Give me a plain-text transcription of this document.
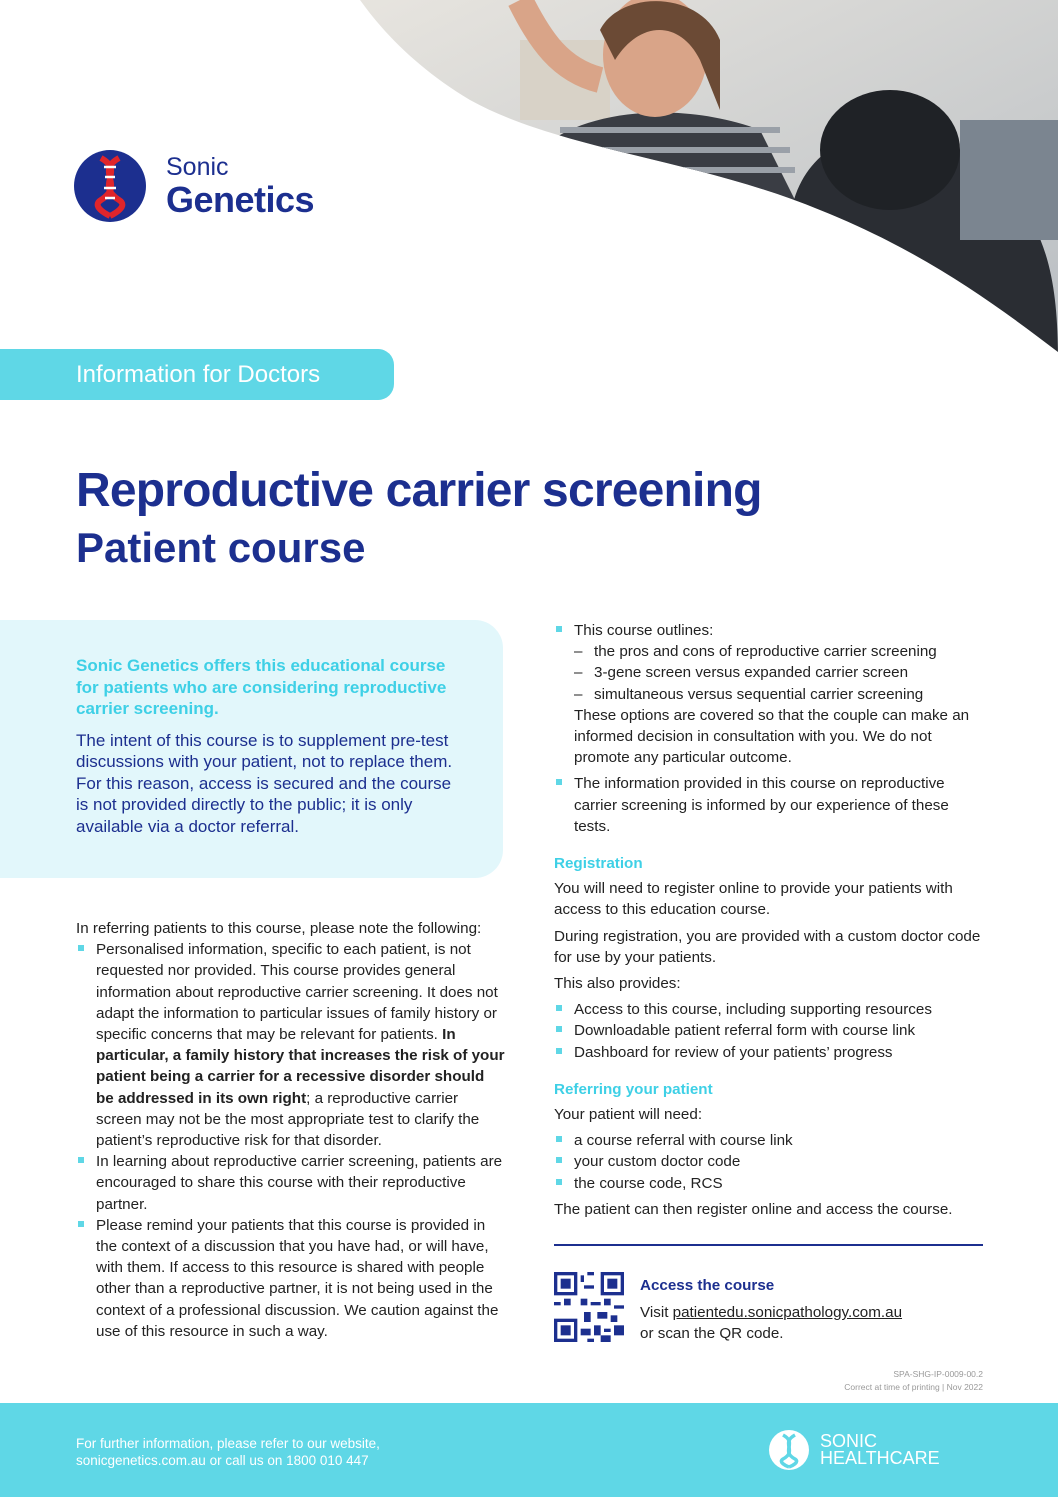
Sonic
Genetics
Information for Doctors
Reproductive carrier screening
Patient course

Sonic Genetics offers this educational course for patients who are considering reproductive carrier screening.

The intent of this course is to supplement pre-test discussions with your patient, not to replace them. For this reason, access is secured and the course is not provided directly to the public; it is only available via a doctor referral.

In referring patients to this course, please note the following:

Personalised information, specific to each patient, is not requested nor provided. This course provides general information about reproductive carrier screening. It does not adapt the information to particular issues of family history or specific concerns that may be relevant for patients. In particular, a family history that increases the risk of your patient being a carrier for a recessive disorder should be addressed in its own right; a reproductive carrier screen may not be the most appropriate test to clarify the patient’s reproductive risk for that disorder.
In learning about reproductive carrier screening, patients are encouraged to share this course with their reproductive partner.
Please remind your patients that this course is provided in the context of a discussion that you have had, or will have, with them. If access to this resource is shared with people other than a reproductive partner, it is not being used in the context of a professional discussion. We caution against the use of this resource in such a way.
This course outlines:
– the pros and cons of reproductive carrier screening
– 3-gene screen versus expanded carrier screen
– simultaneous versus sequential carrier screening

These options are covered so that the couple can make an informed decision in consultation with you. We do not promote any particular outcome.

The information provided in this course on reproductive carrier screening is informed by our experience of these tests.
Registration

You will need to register online to provide your patients with access to this education course.

During registration, you are provided with a custom doctor code for use by your patients.

This also provides:

Access to this course, including supporting resources
Downloadable patient referral form with course link
Dashboard for review of your patients’ progress
Referring your patient

Your patient will need:

a course referral with course link
your custom doctor code
the course code, RCS

The patient can then register online and access the course.

Access the course
Visit patientedu.sonicpathology.com.au
or scan the QR code.
SPA-SHG-IP-0009-00.2
Correct at time of printing | Nov 2022
For further information, please refer to our website,
sonicgenetics.com.au or call us on 1800 010 447
SONIC
HEALTHCARE
